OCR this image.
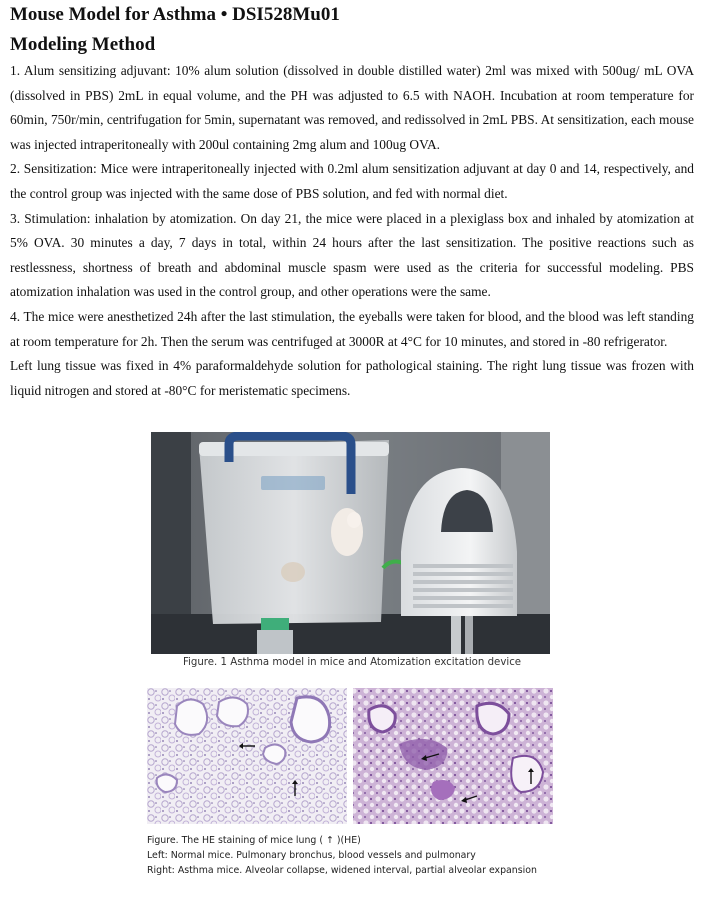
Mouse Model for Asthma • DSI528Mu01
Modeling Method

1. Alum sensitizing adjuvant: 10% alum solution (dissolved in double distilled water) 2ml was mixed with 500ug/ mL OVA (dissolved in PBS) 2mL in equal volume, and the PH was adjusted to 6.5 with NAOH. Incubation at room temperature for 60min, 750r/min, centrifugation for 5min, supernatant was removed, and redissolved in 2mL PBS. At sensitization, each mouse was injected intraperitoneally with 200ul containing 2mg alum and 100ug OVA.

2. Sensitization: Mice were intraperitoneally injected with 0.2ml alum sensitization adjuvant at day 0 and 14, respectively, and the control group was injected with the same dose of PBS solution, and fed with normal diet.

3. Stimulation: inhalation by atomization. On day 21, the mice were placed in a plexiglass box and inhaled by atomization at 5% OVA. 30 minutes a day, 7 days in total, within 24 hours after the last sensitization. The positive reactions such as restlessness, shortness of breath and abdominal muscle spasm were used as the criteria for successful modeling. PBS atomization inhalation was used in the control group, and other operations were the same.

4. The mice were anesthetized 24h after the last stimulation, the eyeballs were taken for blood, and the blood was left standing at room temperature for 2h. Then the serum was centrifuged at 3000R at 4°C for 10 minutes, and stored in -80 refrigerator.

Left lung tissue was fixed in 4% paraformaldehyde solution for pathological staining. The right lung tissue was frozen with liquid nitrogen and stored at -80°C for meristematic specimens.

Figure. 1 Asthma model in mice and Atomization excitation device
Figure. The HE staining of mice lung ( ↑ )(HE)
Left: Normal mice. Pulmonary bronchus, blood vessels and pulmonary
Right: Asthma mice. Alveolar collapse, widened interval, partial alveolar expansion
